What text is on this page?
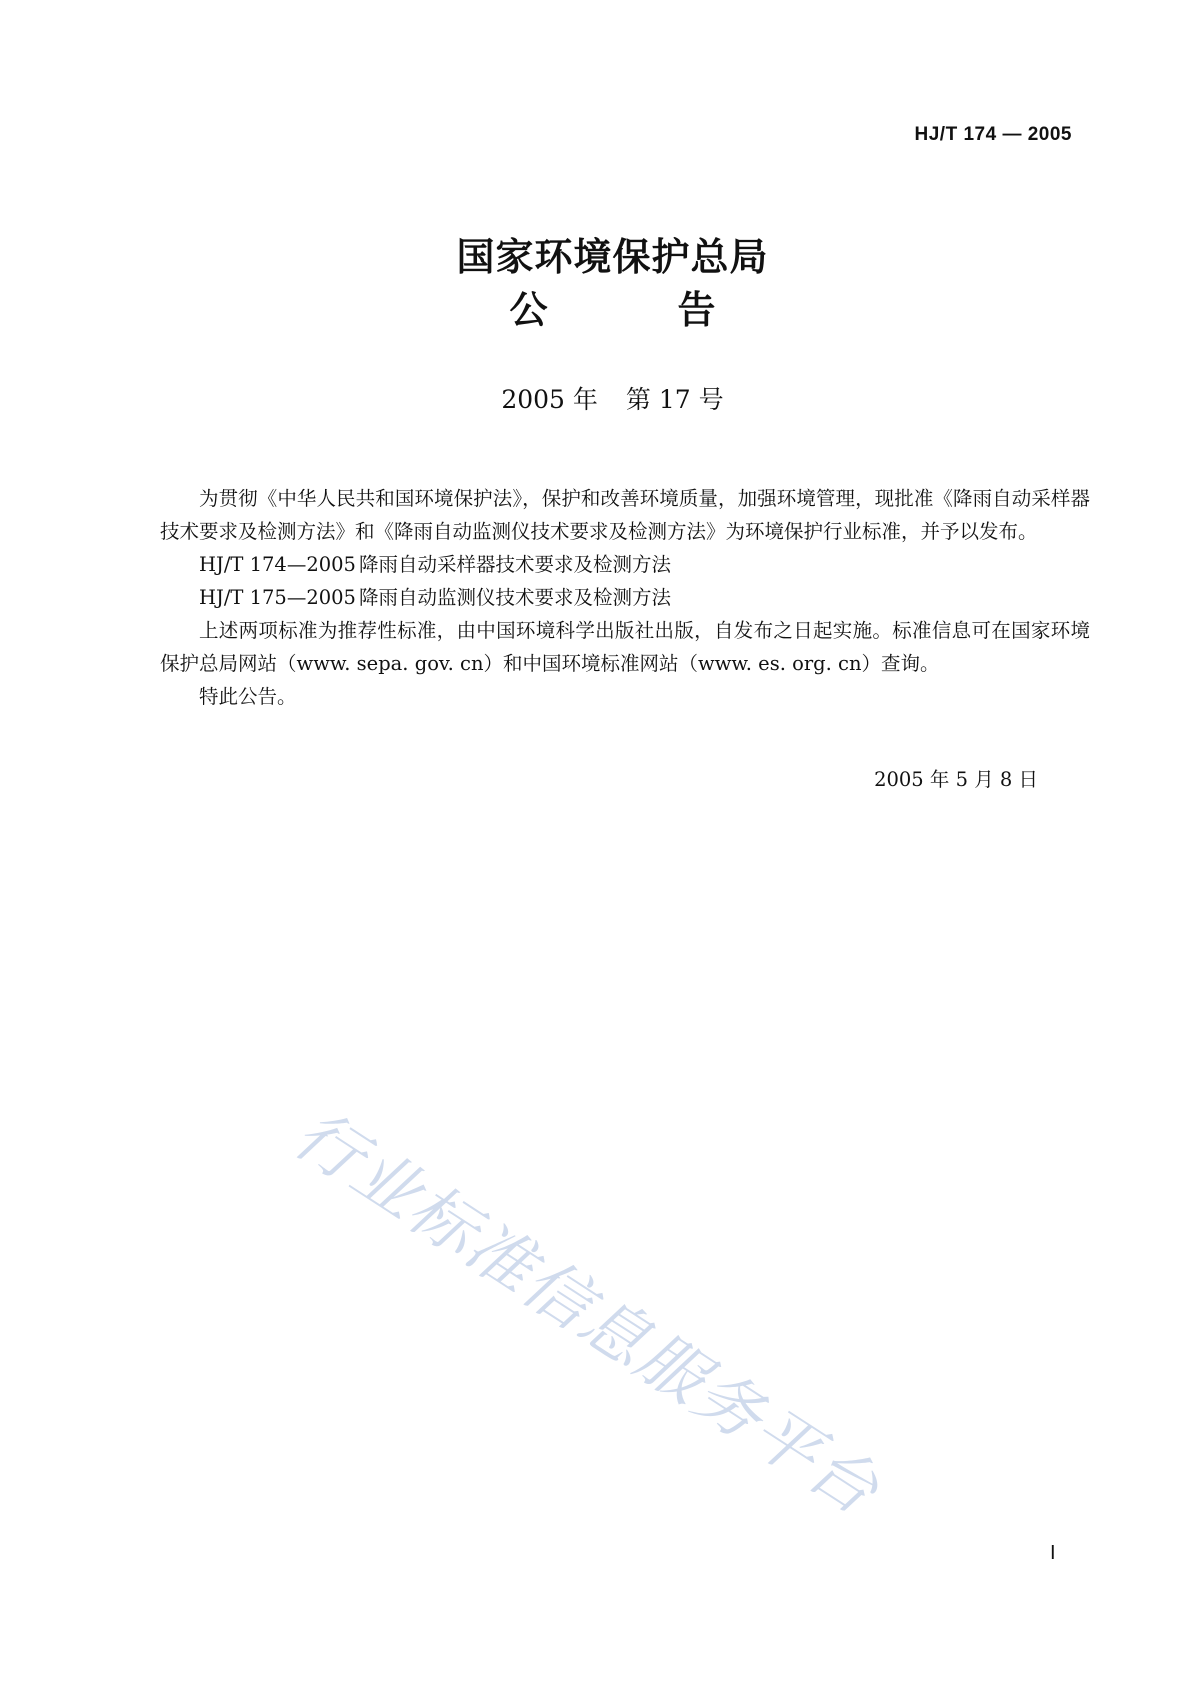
HJ/T 174 — 2005
国家环境保护总局
公告
2005 年 第 17 号

为贯彻《中华人民共和国环境保护法》，保护和改善环境质量，加强环境管理，现批准《降雨自动采样器技术要求及检测方法》和《降雨自动监测仪技术要求及检测方法》为环境保护行业标准，并予以发布。

HJ/T 174—2005 降雨自动采样器技术要求及检测方法
HJ/T 175—2005 降雨自动监测仪技术要求及检测方法

上述两项标准为推荐性标准，由中国环境科学出版社出版，自发布之日起实施。标准信息可在国家环境保护总局网站（www. sepa. gov. cn）和中国环境标准网站（www. es. org. cn）查询。

特此公告。

2005 年 5 月 8 日
行业标准信息服务平台
I
